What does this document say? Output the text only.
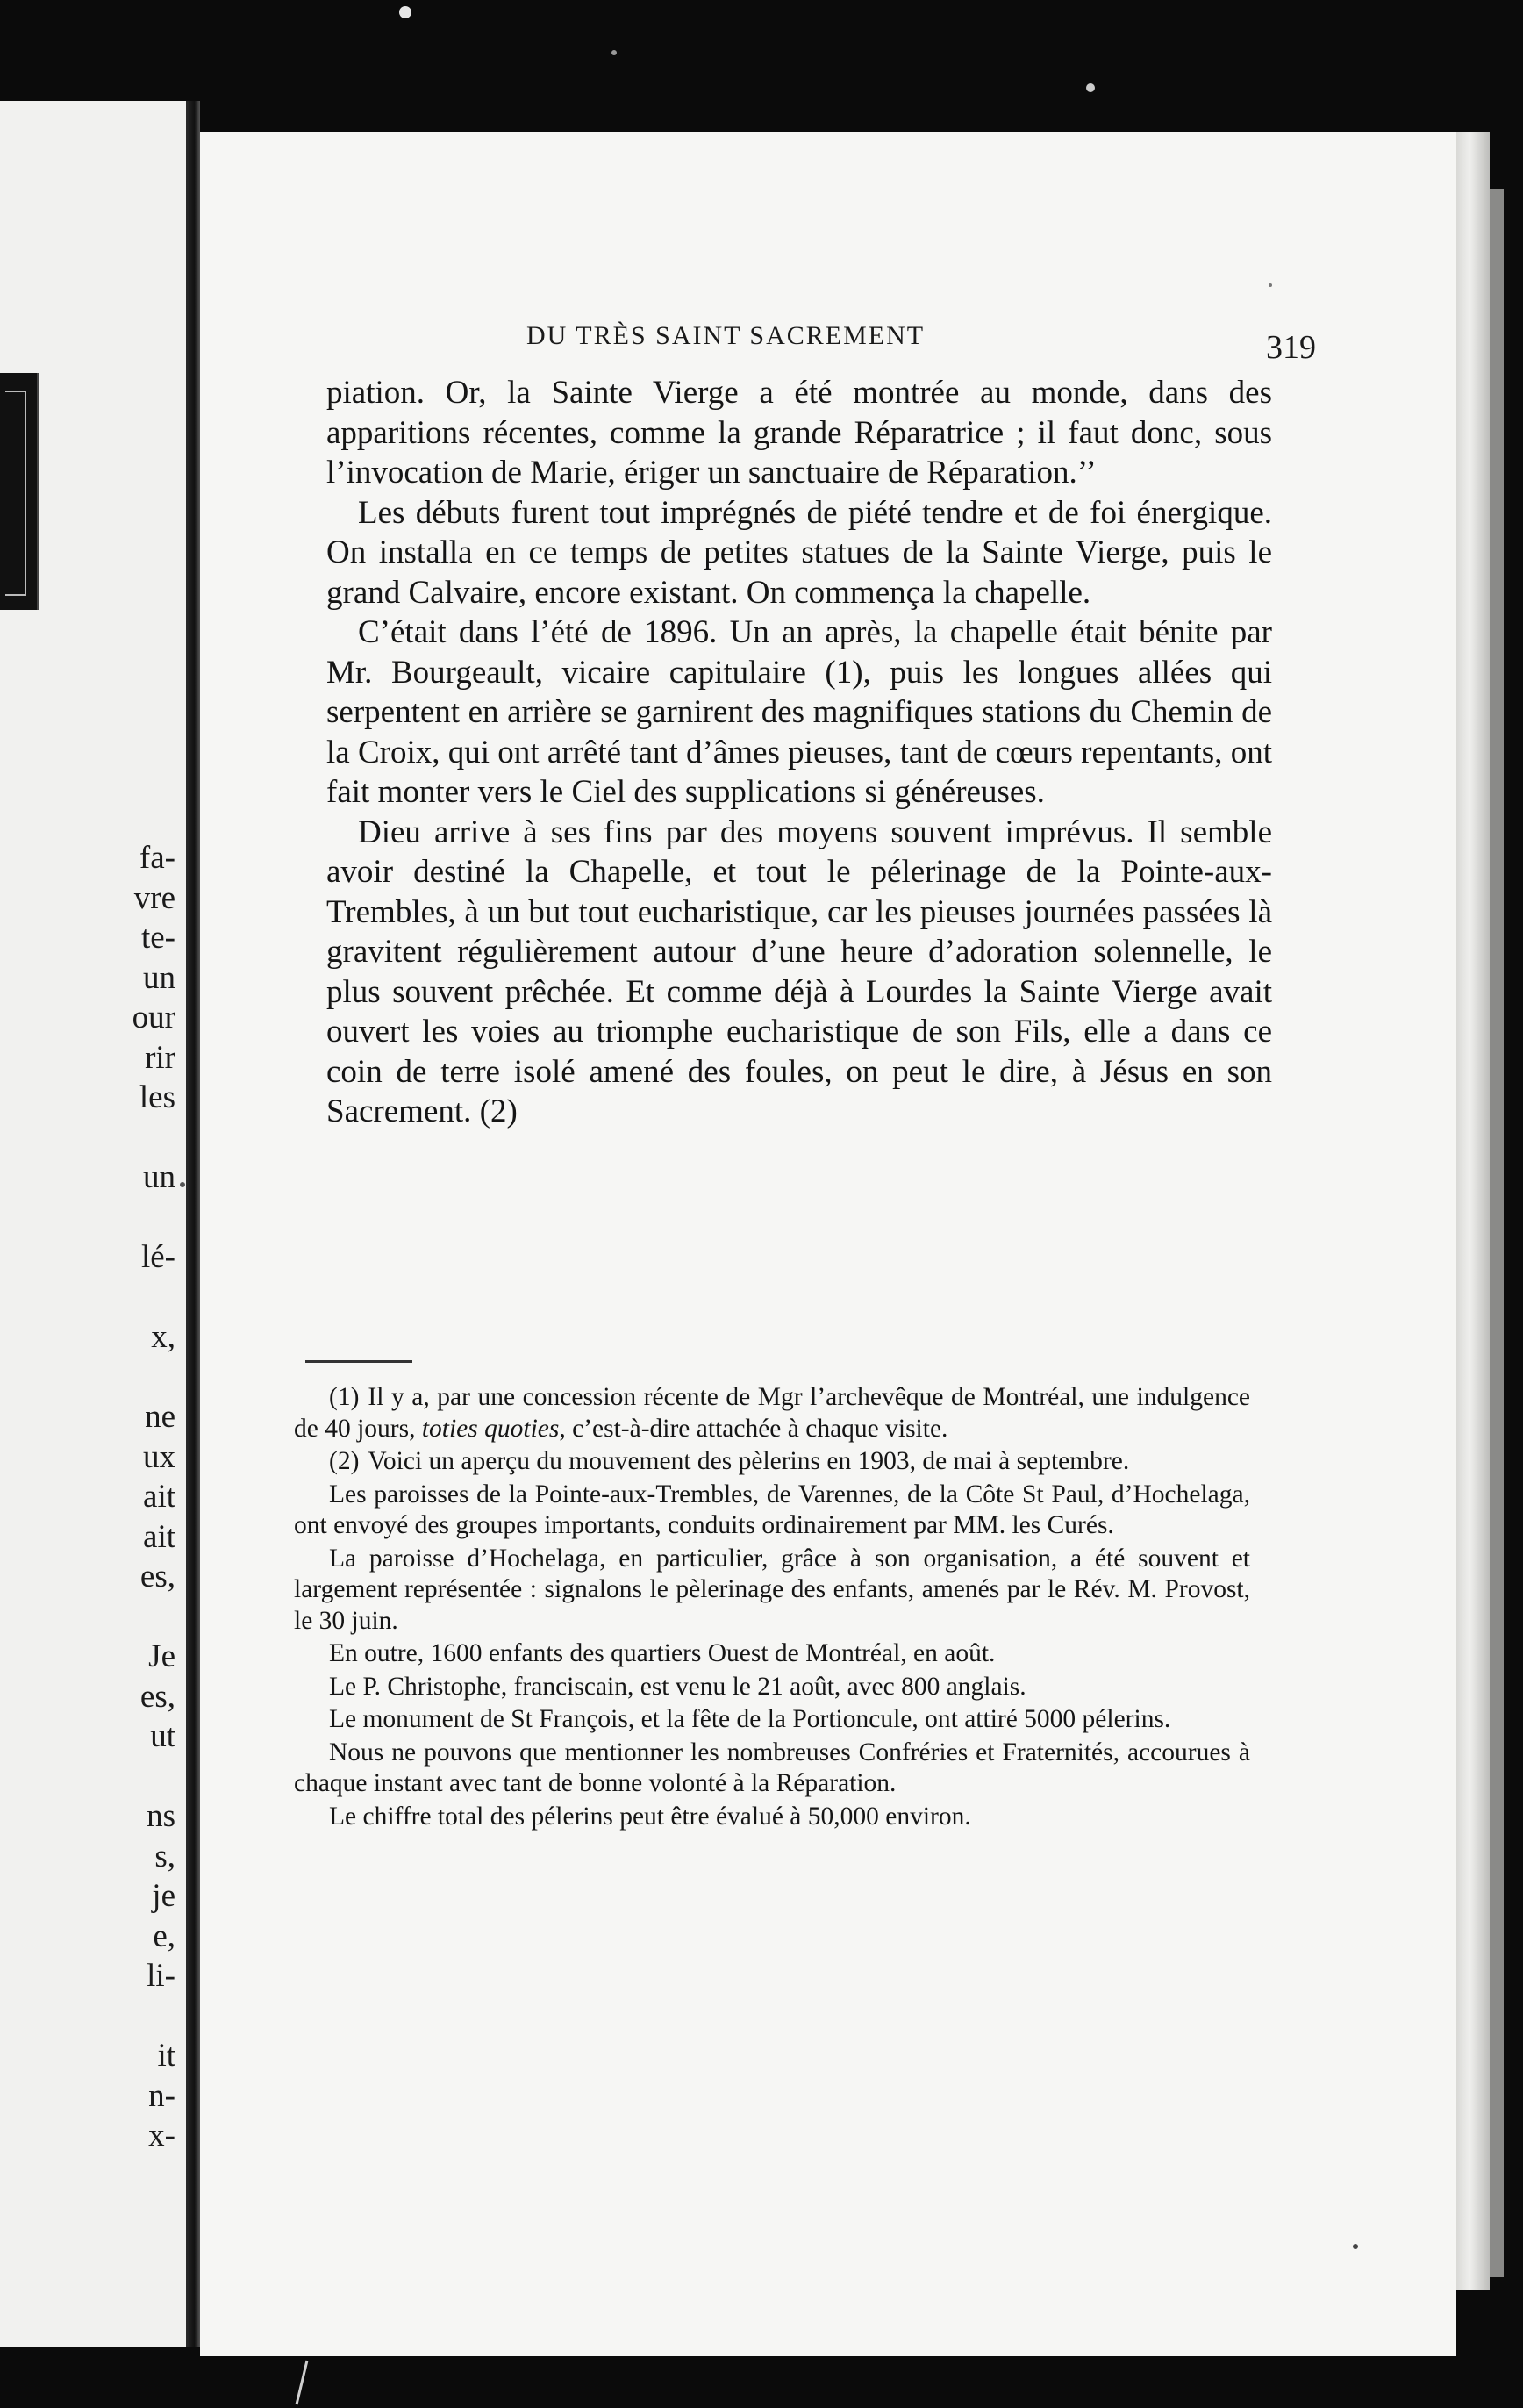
fa-
vre
te-
un
our
rir
les
un
lé-
x,
ne
ux
ait
ait
es,
Je
es,
ut
ns
s,
je
e,
li-
it
n-
x-
DU TRÈS SAINT SACREMENT	319

piation. Or, la Sainte Vierge a été montrée au monde, dans des apparitions récentes, comme la grande Réparatrice ; il faut donc, sous l’invocation de Marie, ériger un sanctuaire de Réparation.’’

Les débuts furent tout imprégnés de piété tendre et de foi énergique. On installa en ce temps de petites statues de la Sainte Vierge, puis le grand Calvaire, encore existant. On commença la chapelle.

C’était dans l’été de 1896. Un an après, la chapelle était bénite par Mr. Bourgeault, vicaire capitulaire (1), puis les longues allées qui serpentent en arrière se garnirent des magnifiques stations du Chemin de la Croix, qui ont arrêté tant d’âmes pieuses, tant de cœurs repentants, ont fait monter vers le Ciel des supplications si généreuses.

Dieu arrive à ses fins par des moyens souvent imprévus. Il semble avoir destiné la Chapelle, et tout le pélerinage de la Pointe-aux-Trembles, à un but tout eucharistique, car les pieuses journées passées là gravitent régulièrement autour d’une heure d’adoration solennelle, le plus souvent prêchée. Et comme déjà à Lourdes la Sainte Vierge avait ouvert les voies au triomphe eucharistique de son Fils, elle a dans ce coin de terre isolé amené des foules, on peut le dire, à Jésus en son Sacrement. (2)

(1) Il y a, par une concession récente de Mgr l’archevêque de Montréal, une indulgence de 40 jours, toties quoties, c’est-à-dire attachée à chaque visite.

(2) Voici un aperçu du mouvement des pèlerins en 1903, de mai à septembre.

Les paroisses de la Pointe-aux-Trembles, de Varennes, de la Côte St Paul, d’Hochelaga, ont envoyé des groupes importants, conduits ordinairement par MM. les Curés.

La paroisse d’Hochelaga, en particulier, grâce à son organisation, a été souvent et largement représentée : signalons le pèlerinage des enfants, amenés par le Rév. M. Provost, le 30 juin.

En outre, 1600 enfants des quartiers Ouest de Montréal, en août.

Le P. Christophe, franciscain, est venu le 21 août, avec 800 anglais.

Le monument de St François, et la fête de la Portioncule, ont attiré 5000 pélerins.

Nous ne pouvons que mentionner les nombreuses Confréries et Fraternités, accourues à chaque instant avec tant de bonne volonté à la Réparation.

Le chiffre total des pélerins peut être évalué à 50,000 environ.
